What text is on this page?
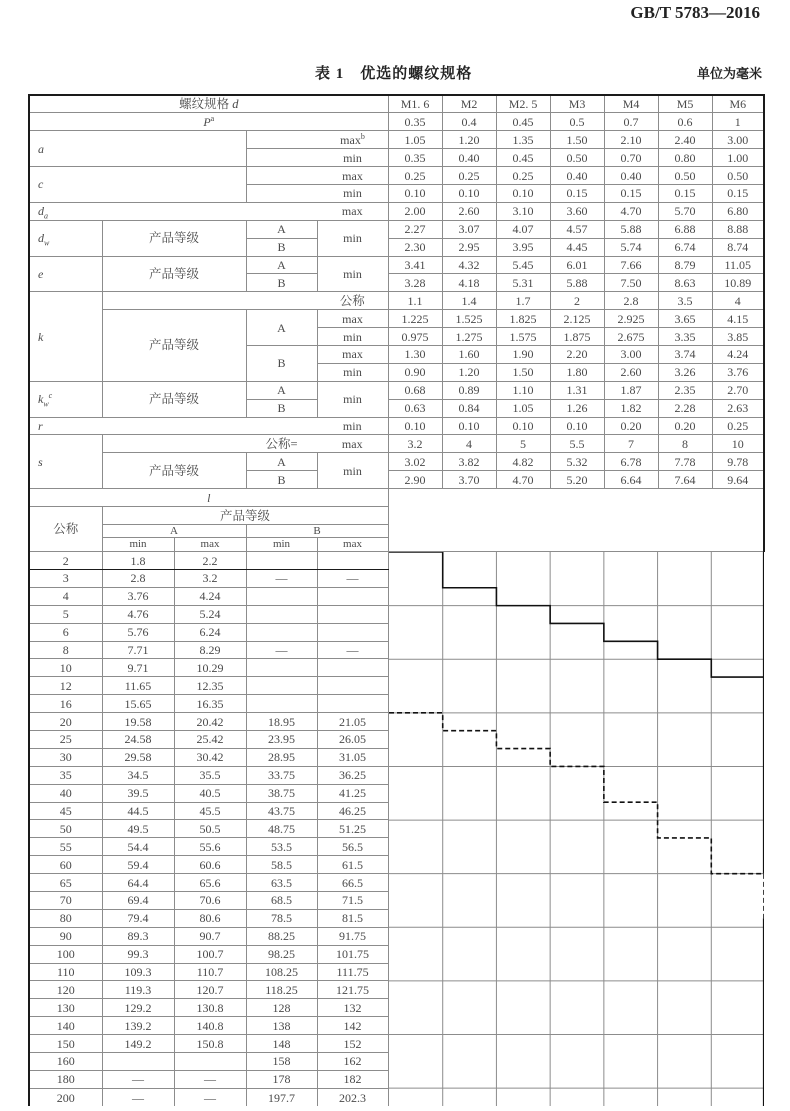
GB/T 5783—2016
表 1 优选的螺纹规格	单位为毫米
螺纹规格 d					M1. 6	M2	M2. 5	M3	M4	M5	M6
$P^a$					0.35	0.4	0.45	0.5	0.7	0.6	1
a			$\max^b$		1.05	1.20	1.35	1.50	2.10	2.40	3.00
			min		0.35	0.40	0.45	0.50	0.70	0.80	1.00
c			max		0.25	0.25	0.25	0.40	0.40	0.50	0.50
			min		0.10	0.10	0.10	0.15	0.15	0.15	0.15
$d_a$				max	2.00	2.60	3.10	3.60	4.70	5.70	6.80
$d_w$	产品等级		A	min	2.27	3.07	4.07	4.57	5.88	6.88	8.88
			B		2.30	2.95	3.95	4.45	5.74	6.74	8.74
e	产品等级		A	min	3.41	4.32	5.45	6.01	7.66	8.79	11.05
			B		3.28	4.18	5.31	5.88	7.50	8.63	10.89
k				公称	1.1	1.4	1.7	2	2.8	3.5	4
	产品等级		A	max	1.225	1.525	1.825	2.125	2.925	3.65	4.15
				min	0.975	1.275	1.575	1.875	2.675	3.35	3.85
			B	max	1.30	1.60	1.90	2.20	3.00	3.74	4.24
				min	0.90	1.20	1.50	1.80	2.60	3.26	3.76
$k_w^c$	产品等级		A	min	0.68	0.89	1.10	1.31	1.87	2.35	2.70
			B		0.63	0.84	1.05	1.26	1.82	2.28	2.63
r				min	0.10	0.10	0.10	0.10	0.20	0.20	0.25
s			公称=	max	3.2	4	5	5.5	7	8	10
	产品等级		A	min	3.02	3.82	4.82	5.32	6.78	7.78	9.78
			B		2.90	3.70	4.70	5.20	6.64	7.64	9.64
l											
公称	产品等级										
	A		B								
	min	max	min	max							
2	1.8	2.2			

3	2.8	3.2	—	—							
4	3.76	4.24									
5	4.76	5.24									
6	5.76	6.24									
8	7.71	8.29	—	—							
10	9.71	10.29									
12	11.65	12.35									
16	15.65	16.35									
20	19.58	20.42	18.95	21.05							
25	24.58	25.42	23.95	26.05							
30	29.58	30.42	28.95	31.05							
35	34.5	35.5	33.75	36.25							
40	39.5	40.5	38.75	41.25							
45	44.5	45.5	43.75	46.25							
50	49.5	50.5	48.75	51.25							
55	54.4	55.6	53.5	56.5							
60	59.4	60.6	58.5	61.5							
65	64.4	65.6	63.5	66.5							
70	69.4	70.6	68.5	71.5							
80	79.4	80.6	78.5	81.5							
90	89.3	90.7	88.25	91.75							
100	99.3	100.7	98.25	101.75							
110	109.3	110.7	108.25	111.75							
120	119.3	120.7	118.25	121.75							
130	129.2	130.8	128	132							
140	139.2	140.8	138	142							
150	149.2	150.8	148	152							
160			158	162							
180	—	—	178	182							
200	—	—	197.7	202.3							
